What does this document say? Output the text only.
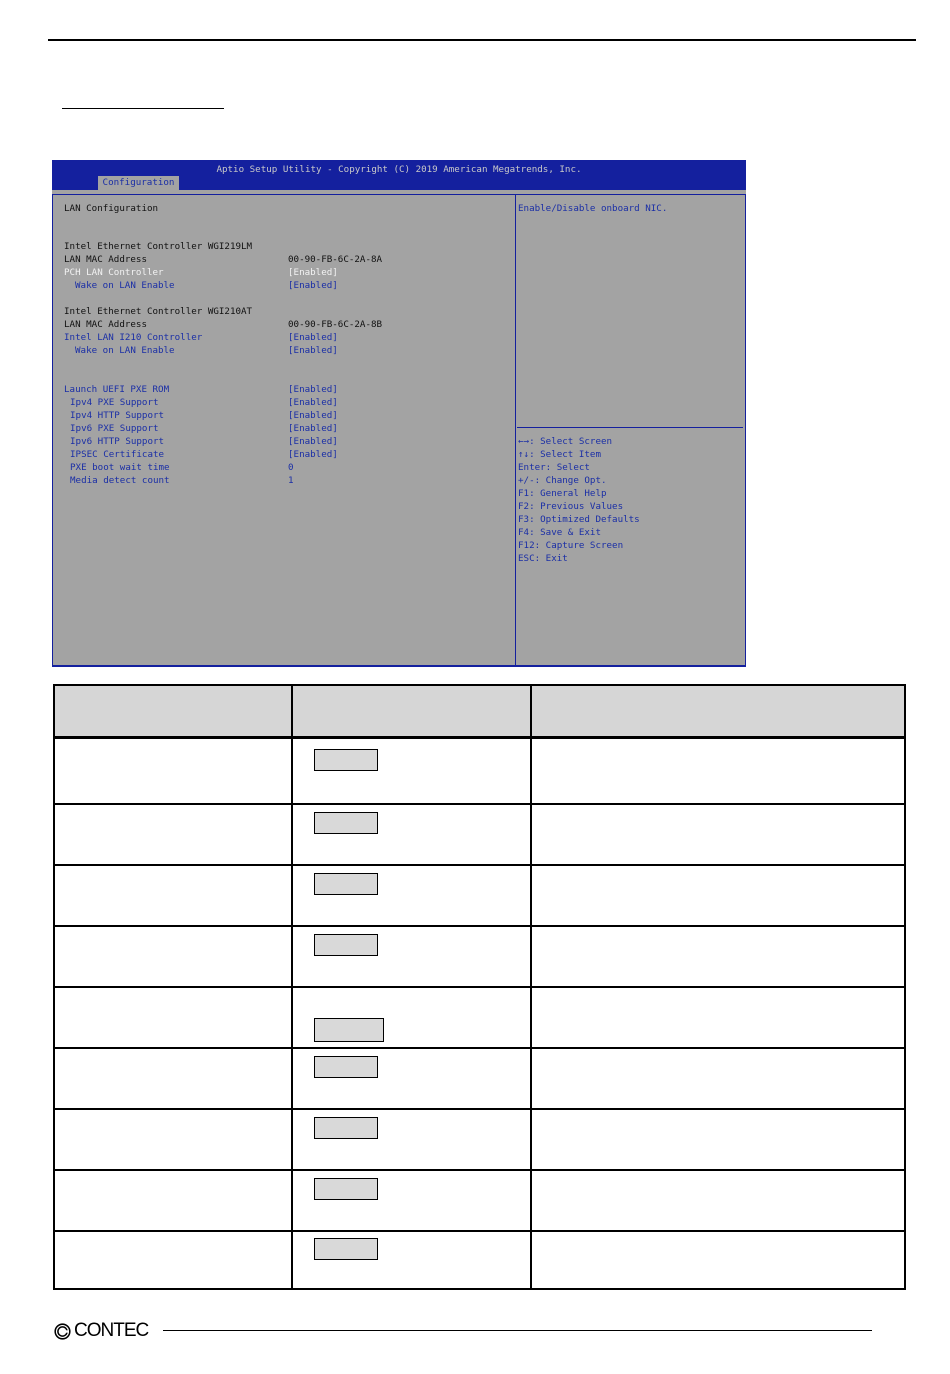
Aptio Setup Utility - Copyright (C) 2019 American Megatrends, Inc.
Configuration
LAN Configuration
Intel Ethernet Controller WGI219LM
LAN MAC Address	00-90-FB-6C-2A-8A
PCH LAN Controller	[Enabled]
Wake on LAN Enable	[Enabled]
Intel Ethernet Controller WGI210AT
LAN MAC Address	00-90-FB-6C-2A-8B
Intel LAN I210 Controller	[Enabled]
Wake on LAN Enable	[Enabled]
Launch UEFI PXE ROM	[Enabled]
Ipv4 PXE Support	[Enabled]
Ipv4 HTTP Support	[Enabled]
Ipv6 PXE Support	[Enabled]
Ipv6 HTTP Support	[Enabled]
IPSEC Certificate	[Enabled]
PXE boot wait time	0
Media detect count	1
Enable/Disable onboard NIC.
←→: Select Screen
↑↓: Select Item
Enter: Select
+/-: Change Opt.
F1: General Help
F2: Previous Values
F3: Optimized Defaults
F4: Save & Exit
F12: Capture Screen
ESC: Exit
CONTEC
